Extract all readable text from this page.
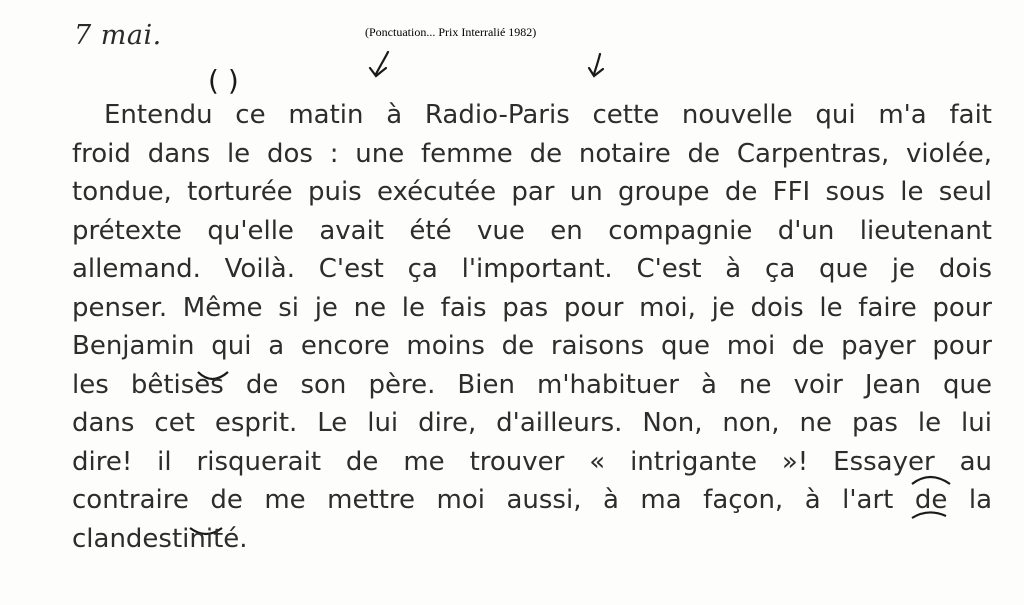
7 mai.	(Ponctuation... Prix Interralié 1982)
( )
Entendu ce matin à Radio-Paris cette nouvelle qui m'a fait
froid dans le dos : une femme de notaire de Carpentras, violée,
tondue, torturée puis exécutée par un groupe de FFI sous le seul
prétexte qu'elle avait été vue en compagnie d'un lieutenant
allemand. Voilà. C'est ça l'important. C'est à ça que je dois
penser. Même si je ne le fais pas pour moi, je dois le faire pour
Benjamin qui a encore moins de raisons que moi de payer pour
les bêtises de son père. Bien m'habituer à ne voir Jean que
dans cet esprit. Le lui dire, d'ailleurs. Non, non, ne pas le lui
dire! il risquerait de me trouver « intrigante »! Essayer au
contraire de me mettre moi aussi, à ma façon, à l'art de la
clandestinité.
